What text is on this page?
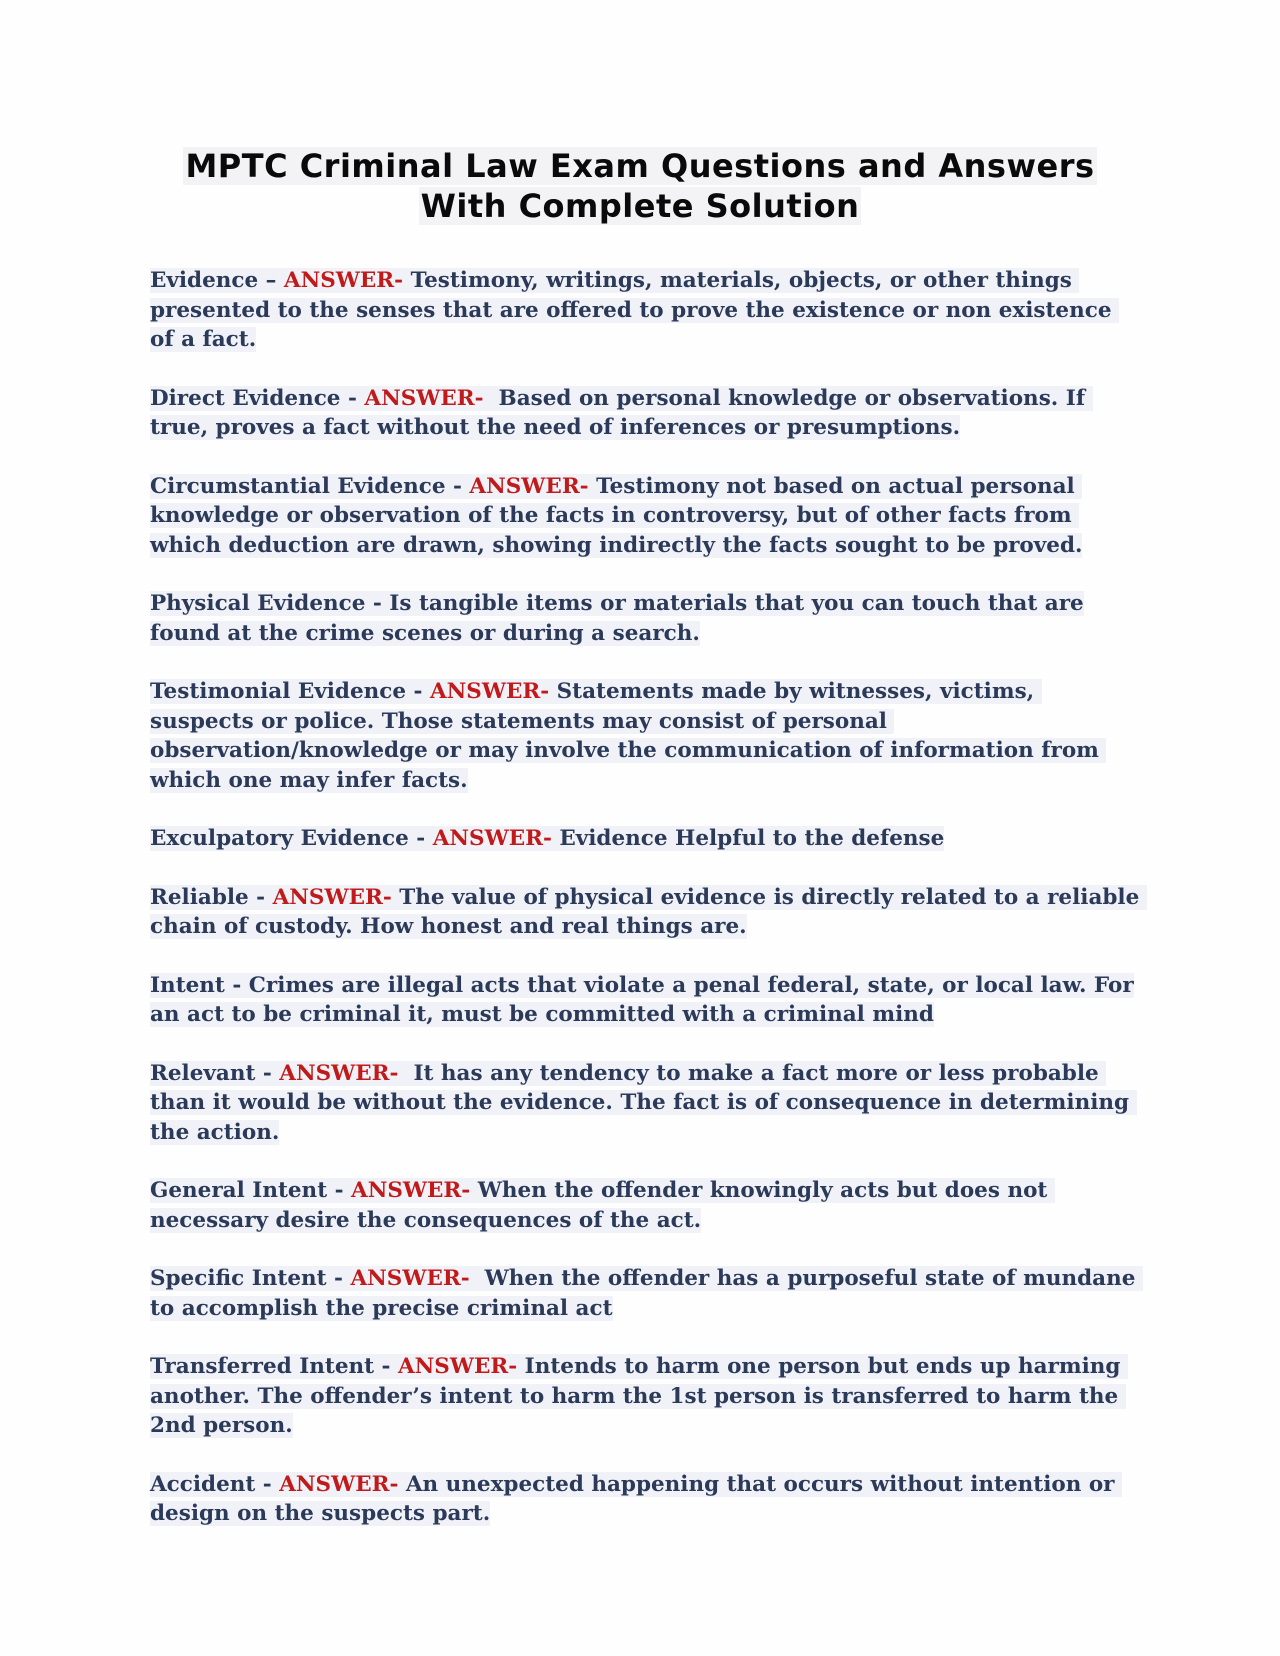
MPTC Criminal Law Exam Questions and Answers
With Complete Solution
Evidence – ANSWER- Testimony, writings, materials, objects, or other things presented to the senses that are offered to prove the existence or non existence of a fact.
Direct Evidence - ANSWER-  Based on personal knowledge or observations. If true, proves a fact without the need of inferences or presumptions.
Circumstantial Evidence - ANSWER- Testimony not based on actual personal knowledge or observation of the facts in controversy, but of other facts from which deduction are drawn, showing indirectly the facts sought to be proved.
Physical Evidence - Is tangible items or materials that you can touch that are found at the crime scenes or during a search.
Testimonial Evidence - ANSWER- Statements made by witnesses, victims, suspects or police. Those statements may consist of personal observation/knowledge or may involve the communication of information from which one may infer facts.
Exculpatory Evidence - ANSWER- Evidence Helpful to the defense
Reliable - ANSWER- The value of physical evidence is directly related to a reliable chain of custody. How honest and real things are.
Intent - Crimes are illegal acts that violate a penal federal, state, or local law. For an act to be criminal it, must be committed with a criminal mind
Relevant - ANSWER-  It has any tendency to make a fact more or less probable than it would be without the evidence. The fact is of consequence in determining the action.
General Intent - ANSWER- When the offender knowingly acts but does not necessary desire the consequences of the act.
Specific Intent - ANSWER-  When the offender has a purposeful state of mundane to accomplish the precise criminal act
Transferred Intent - ANSWER- Intends to harm one person but ends up harming another. The offender’s intent to harm the 1st person is transferred to harm the 2nd person.
Accident - ANSWER- An unexpected happening that occurs without intention or design on the suspects part.
